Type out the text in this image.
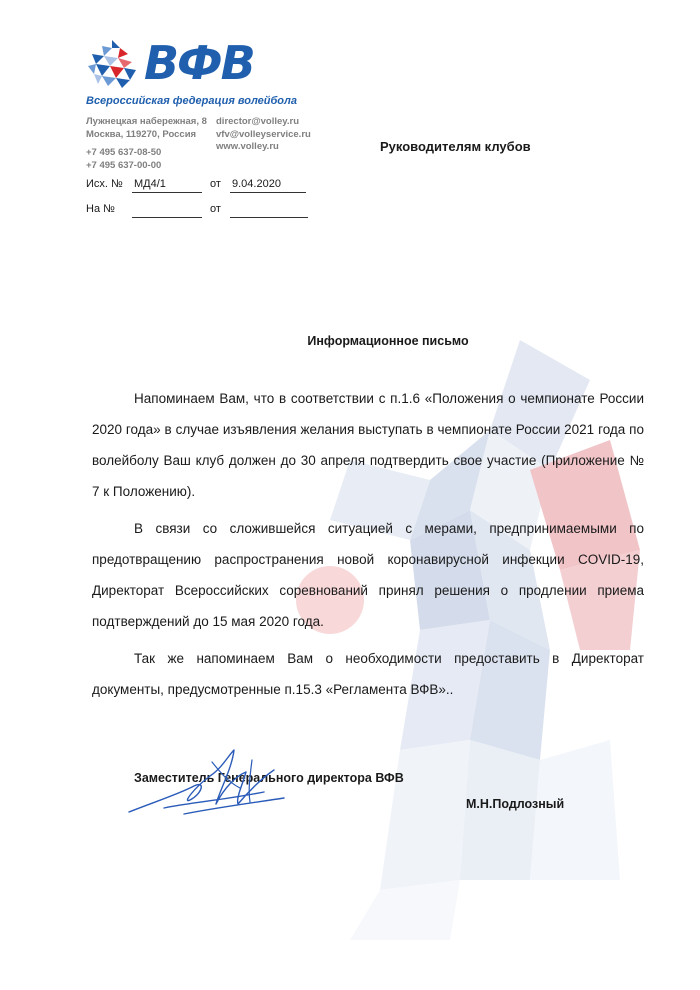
ВФВ
Всероссийская федерация волейбола
Лужнецкая набережная, 8
Москва, 119270, Россия
+7 495 637-08-50
+7 495 637-00-00
director@volley.ru
vfv@volleyservice.ru
www.volley.ru	Руководителям клубов
Исх. № МД4/1	от 9.04.2020
На №	от
Информационное письмо

Напоминаем Вам, что в соответствии с п.1.6 «Положения о чемпионате России 2020 года» в случае изъявления желания выступать в чемпионате России 2021 года по волейболу Ваш клуб должен до 30 апреля подтвердить свое участие (Приложение № 7 к Положению).

В связи со сложившейся ситуацией с мерами, предпринимаемыми по предотвращению распространения новой коронавирусной инфекции COVID-19, Директорат Всероссийских соревнований принял решения о продлении приема подтверждений до 15 мая 2020 года.

Так же напоминаем Вам о необходимости предоставить в Директорат документы, предусмотренные п.15.3 «Регламента ВФВ»..

Заместитель Генерального директора ВФВ
М.Н.Подлозный
